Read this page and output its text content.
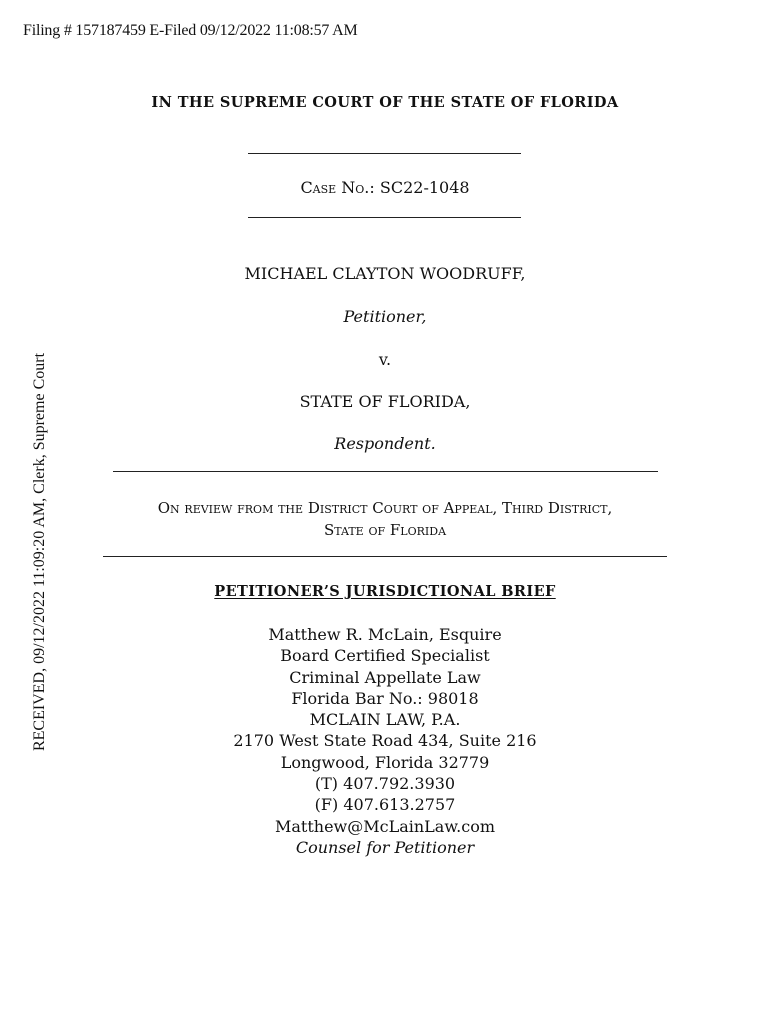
Filing # 157187459 E-Filed 09/12/2022 11:08:57 AM
RECEIVED, 09/12/2022 11:09:20 AM, Clerk, Supreme Court
IN THE SUPREME COURT OF THE STATE OF FLORIDA
Case No.: SC22-1048
MICHAEL CLAYTON WOODRUFF,
Petitioner,
v.
STATE OF FLORIDA,
Respondent.
On review from the District Court of Appeal, Third District,
State of Florida
PETITIONER’S JURISDICTIONAL BRIEF
Matthew R. McLain, Esquire
Board Certified Specialist
Criminal Appellate Law
Florida Bar No.: 98018
MCLAIN LAW, P.A.
2170 West State Road 434, Suite 216
Longwood, Florida 32779
(T) 407.792.3930
(F) 407.613.2757
Matthew@McLainLaw.com
Counsel for Petitioner
